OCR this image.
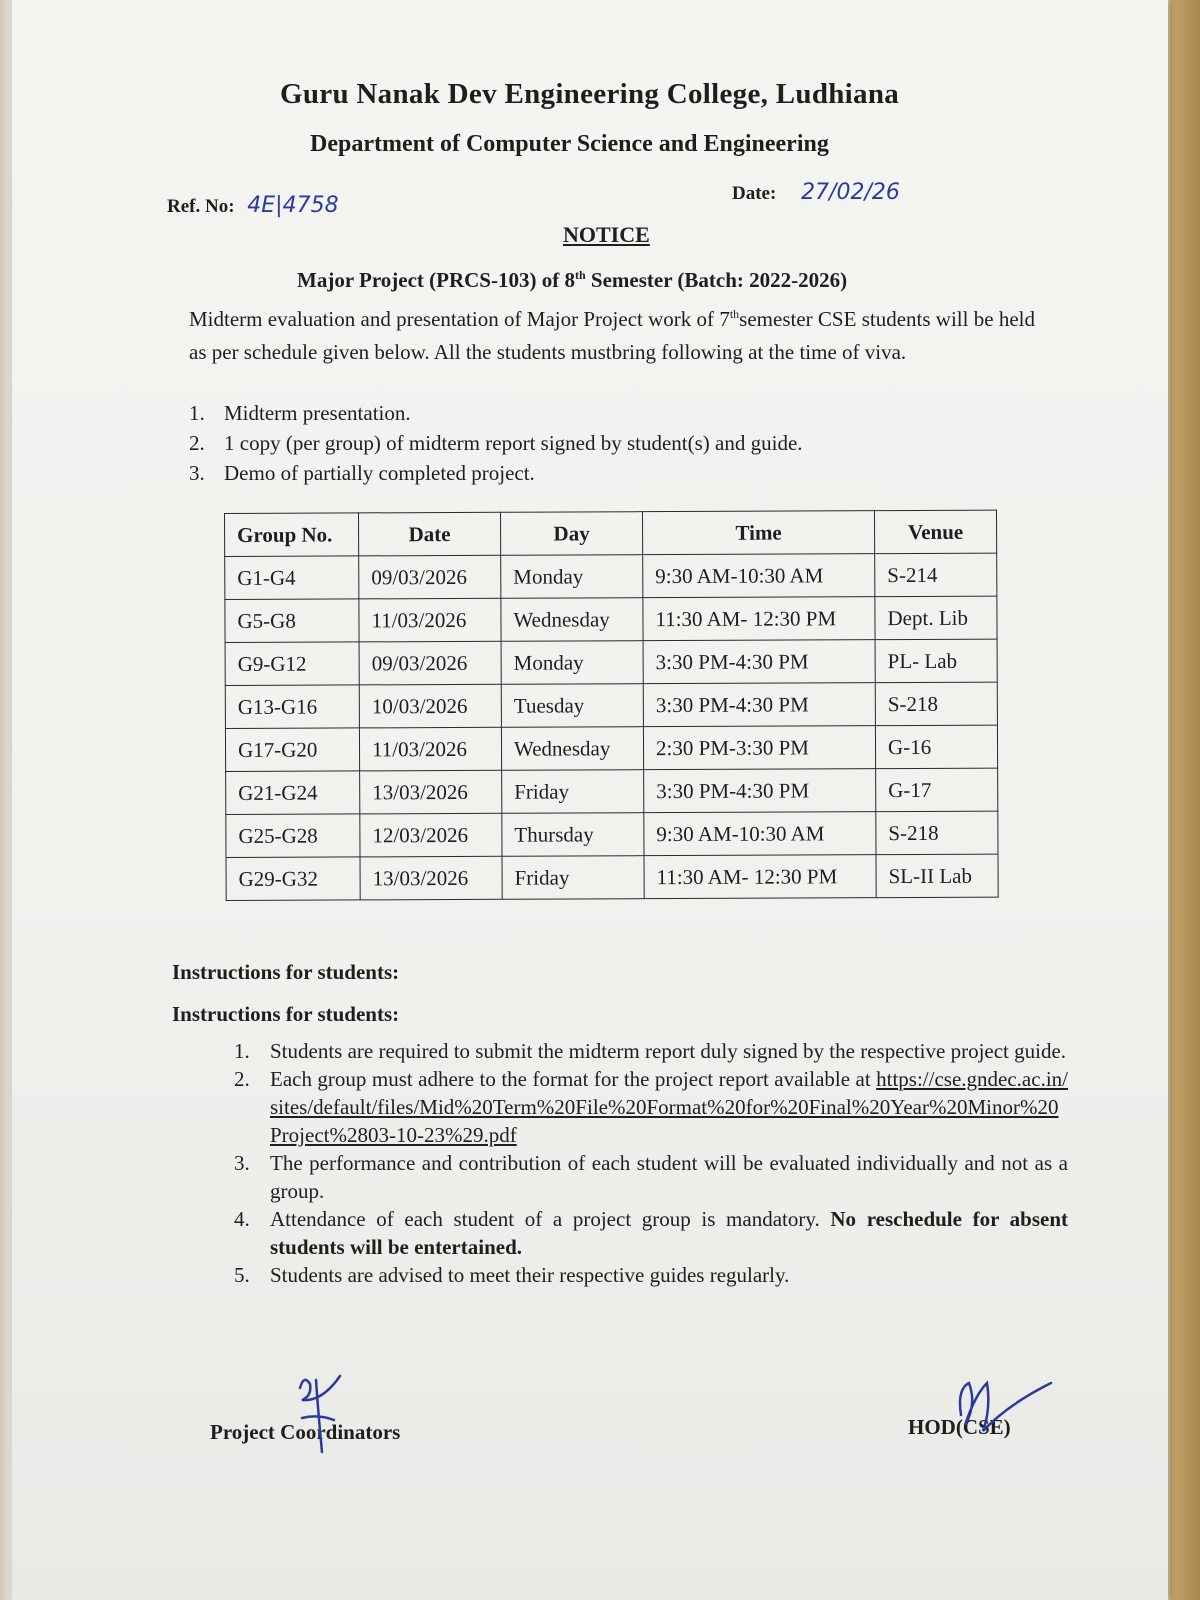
Guru Nanak Dev Engineering College, Ludhiana
Department of Computer Science and Engineering
Ref. No: 4E|4758	Date: 27/02/26
NOTICE
Major Project (PRCS-103) of 8th Semester (Batch: 2022-2026)
Midterm evaluation and presentation of Major Project work of 7thsemester CSE students will be held as per schedule given below. All the students mustbring following at the time of viva.
1. Midterm presentation.
2. 1 copy (per group) of midterm report signed by student(s) and guide.
3. Demo of partially completed project.
Group No.	Date	Day	Time	Venue
G1-G4	09/03/2026	Monday	9:30 AM-10:30 AM	S-214
G5-G8	11/03/2026	Wednesday	11:30 AM- 12:30 PM	Dept. Lib
G9-G12	09/03/2026	Monday	3:30 PM-4:30 PM	PL- Lab
G13-G16	10/03/2026	Tuesday	3:30 PM-4:30 PM	S-218
G17-G20	11/03/2026	Wednesday	2:30 PM-3:30 PM	G-16
G21-G24	13/03/2026	Friday	3:30 PM-4:30 PM	G-17
G25-G28	12/03/2026	Thursday	9:30 AM-10:30 AM	S-218
G29-G32	13/03/2026	Friday	11:30 AM- 12:30 PM	SL-II Lab
Instructions for students:
Instructions for students:
1. Students are required to submit the midterm report duly signed by the respective project guide.
2. Each group must adhere to the format for the project report available at https://cse.gndec.ac.in/sites/default/files/Mid%20Term%20File%20Format%20for%20Final%20Year%20Minor%20Project%2803-10-23%29.pdf
3. The performance and contribution of each student will be evaluated individually and not as a group.
4. Attendance of each student of a project group is mandatory. No reschedule for absent students will be entertained.
5. Students are advised to meet their respective guides regularly.
Project Coordinators	HOD(CSE)
